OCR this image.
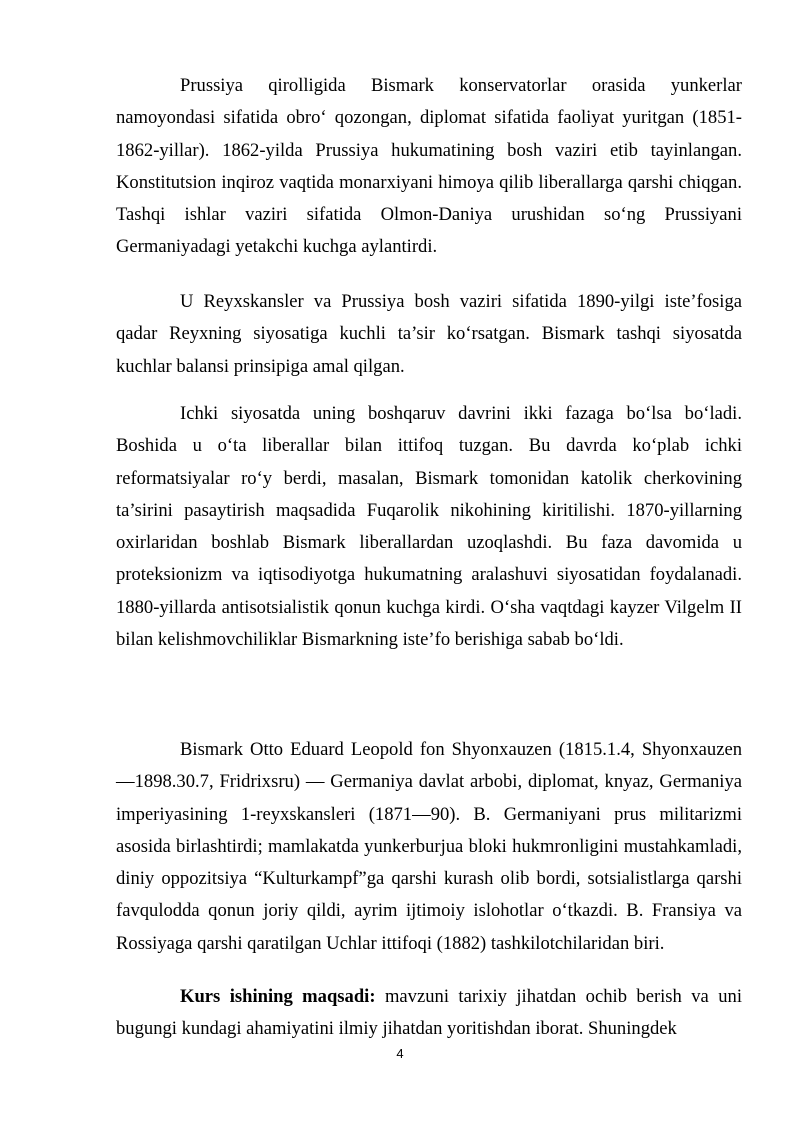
Prussiya qirolligida Bismark konservatorlar orasida yunkerlar namoyondasi sifatida obro‘ qozongan, diplomat sifatida faoliyat yuritgan (1851-1862-yillar). 1862-yilda Prussiya hukumatining bosh vaziri etib tayinlangan. Konstitutsion inqiroz vaqtida monarxiyani himoya qilib liberallarga qarshi chiqgan. Tashqi ishlar vaziri sifatida Olmon-Daniya urushidan so‘ng Prussiyani Germaniyadagi yetakchi kuchga aylantirdi.

U Reyxskansler va Prussiya bosh vaziri sifatida 1890-yilgi iste’fosiga qadar Reyxning siyosatiga kuchli ta’sir ko‘rsatgan. Bismark tashqi siyosatda kuchlar balansi prinsipiga amal qilgan.

Ichki siyosatda uning boshqaruv davrini ikki fazaga bo‘lsa bo‘ladi. Boshida u o‘ta liberallar bilan ittifoq tuzgan. Bu davrda ko‘plab ichki reformatsiyalar ro‘y berdi, masalan, Bismark tomonidan katolik cherkovining ta’sirini pasaytirish maqsadida Fuqarolik nikohining kiritilishi. 1870-yillarning oxirlaridan boshlab Bismark liberallardan uzoqlashdi. Bu faza davomida u proteksionizm va iqtisodiyotga hukumatning aralashuvi siyosatidan foydalanadi. 1880-yillarda antisotsialistik qonun kuchga kirdi. O‘sha vaqtdagi kayzer Vilgelm II bilan kelishmovchiliklar Bismarkning iste’fo berishiga sabab bo‘ldi.

Bismark Otto Eduard Leopold fon Shyonxauzen (1815.1.4, Shyonxauzen —1898.30.7, Fridrixsru) — Germaniya davlat arbobi, diplomat, knyaz, Germaniya imperiyasining 1-reyxskansleri (1871—90). B. Germaniyani prus militarizmi asosida birlashtirdi; mamlakatda yunkerburjua bloki hukmronligini mustahkamladi, diniy oppozitsiya “Kulturkampf”ga qarshi kurash olib bordi, sotsialistlarga qarshi favqulodda qonun joriy qildi, ayrim ijtimoiy islohotlar o‘tkazdi. B. Fransiya va Rossiyaga qarshi qaratilgan Uchlar ittifoqi (1882) tashkilotchilaridan biri.

Kurs ishining maqsadi: mavzuni tarixiy jihatdan ochib berish va uni bugungi kundagi ahamiyatini ilmiy jihatdan yoritishdan iborat. Shuningdek

4
